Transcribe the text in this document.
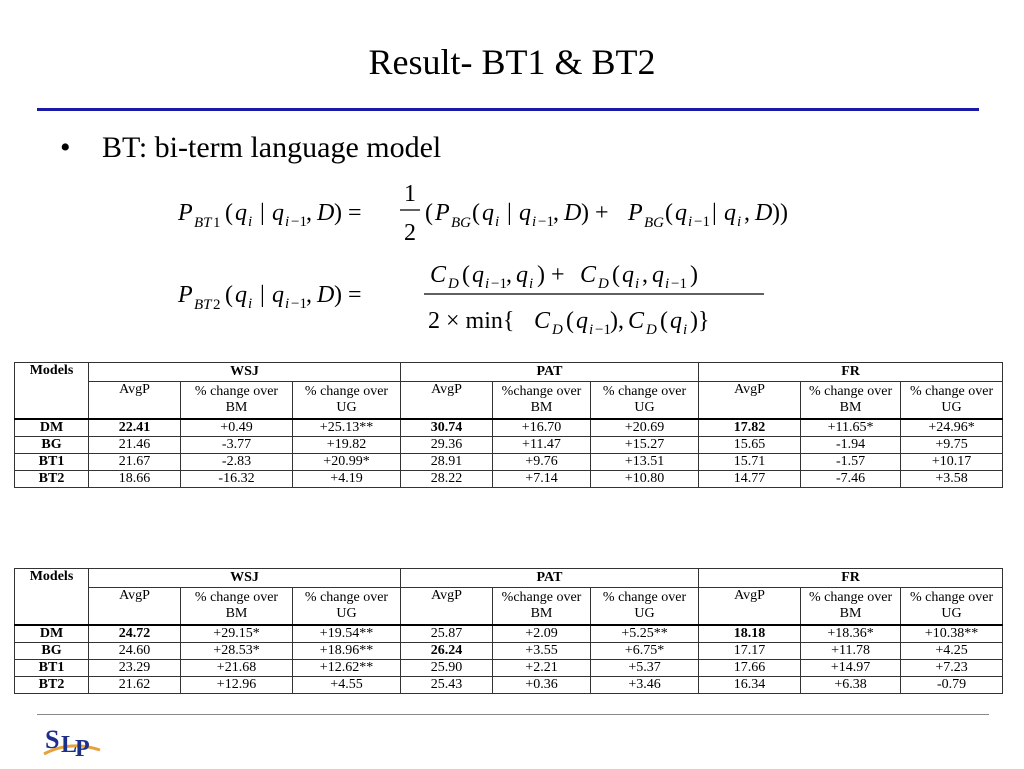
Result- BT1 & BT2
• BT: bi-term language model
P BT 1 ( q i | q i −1 , D ) =
1
2
( P BG ( q i | q i −1 , D ) + P BG ( q i −1 | q i , D ))
P BT 2 ( q i | q i −1 , D ) =
C D ( q i −1 , q i ) + C D ( q i , q i −1 )
2 × min{ C D ( q i −1 ), C D ( q i )}
Models	WSJ			PAT			FR		
	AvgP	% change over BM	% change over UG	AvgP	%change over BM	% change over UG	AvgP	% change over BM	% change over UG
DM	22.41	+0.49	+25.13**	30.74	+16.70	+20.69	17.82	+11.65*	+24.96*
BG	21.46	-3.77	+19.82	29.36	+11.47	+15.27	15.65	-1.94	+9.75
BT1	21.67	-2.83	+20.99*	28.91	+9.76	+13.51	15.71	-1.57	+10.17
BT2	18.66	-16.32	+4.19	28.22	+7.14	+10.80	14.77	-7.46	+3.58
Models	WSJ			PAT			FR		
	AvgP	% change over BM	% change over UG	AvgP	%change over BM	% change over UG	AvgP	% change over BM	% change over UG
DM	24.72	+29.15*	+19.54**	25.87	+2.09	+5.25**	18.18	+18.36*	+10.38**
BG	24.60	+28.53*	+18.96**	26.24	+3.55	+6.75*	17.17	+11.78	+4.25
BT1	23.29	+21.68	+12.62**	25.90	+2.21	+5.37	17.66	+14.97	+7.23
BT2	21.62	+12.96	+4.55	25.43	+0.36	+3.46	16.34	+6.38	-0.79
S L
P
